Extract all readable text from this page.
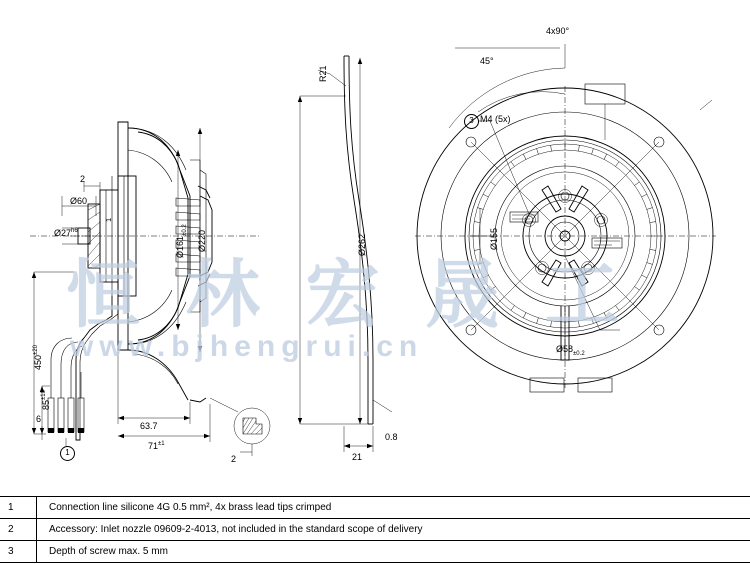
Ø60
$Ø27^{h6}$
2
1
$Ø161_{\pm 0.2}$ Ø220
$450^{\pm 20}$
$85^{\pm 10}$
6
63.7
$71^{\pm 1}$
2
R21
Ø262
0.8
21
4x90°
45°
M4 (5x)
Ø155
$Ø58_{\pm 0.2}$
1
3
恒 林 宏 晟 工
www.bjhengrui.cn
1	Connection line silicone 4G 0.5 mm², 4x brass lead tips crimped
2	Accessory: Inlet nozzle 09609-2-4013, not included in the standard scope of delivery
3	Depth of screw max. 5 mm
